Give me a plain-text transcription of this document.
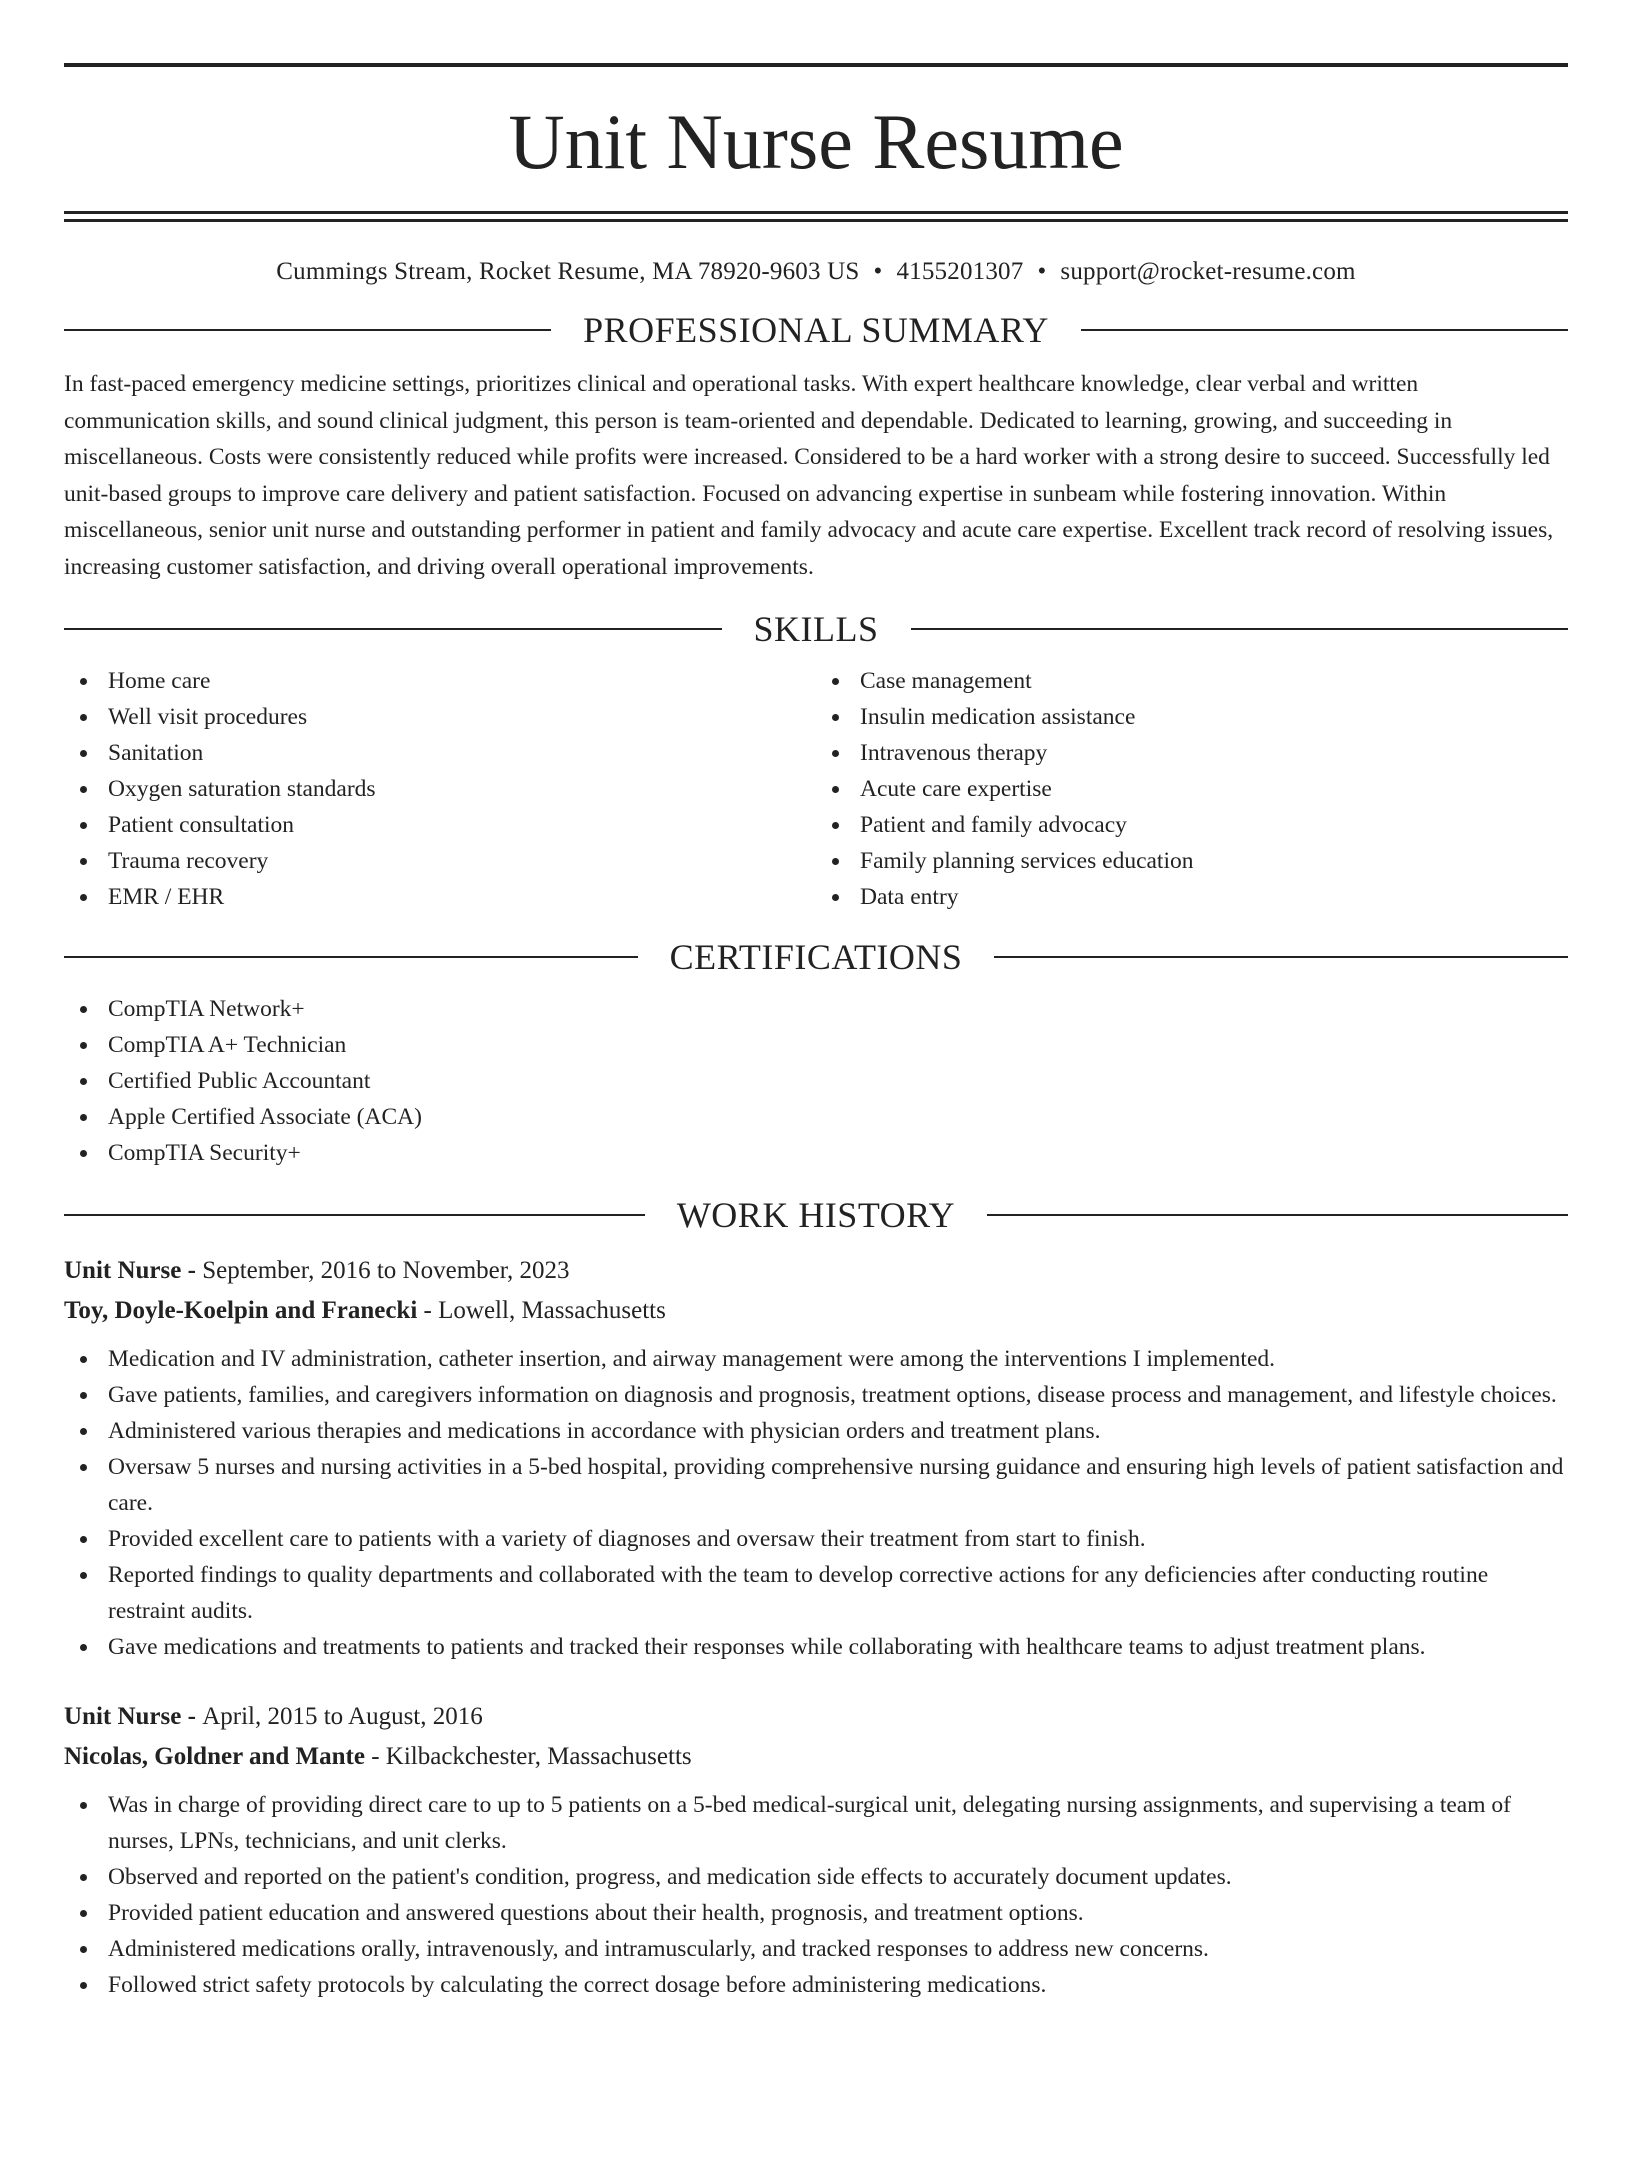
Unit Nurse Resume
Cummings Stream, Rocket Resume, MA 78920-9603 US • 4155201307 • support@rocket-resume.com
PROFESSIONAL SUMMARY

In fast-paced emergency medicine settings, prioritizes clinical and operational tasks. With expert healthcare knowledge, clear verbal and written communication skills, and sound clinical judgment, this person is team-oriented and dependable. Dedicated to learning, growing, and succeeding in miscellaneous. Costs were consistently reduced while profits were increased. Considered to be a hard worker with a strong desire to succeed. Successfully led unit-based groups to improve care delivery and patient satisfaction. Focused on advancing expertise in sunbeam while fostering innovation. Within miscellaneous, senior unit nurse and outstanding performer in patient and family advocacy and acute care expertise. Excellent track record of resolving issues, increasing customer satisfaction, and driving overall operational improvements.

SKILLS
Home care
Well visit procedures
Sanitation
Oxygen saturation standards
Patient consultation
Trauma recovery
EMR / EHR
Case management
Insulin medication assistance
Intravenous therapy
Acute care expertise
Patient and family advocacy
Family planning services education
Data entry
CERTIFICATIONS
CompTIA Network+
CompTIA A+ Technician
Certified Public Accountant
Apple Certified Associate (ACA)
CompTIA Security+
WORK HISTORY
Unit Nurse - September, 2016 to November, 2023
Toy, Doyle-Koelpin and Franecki - Lowell, Massachusetts
Medication and IV administration, catheter insertion, and airway management were among the interventions I implemented.
Gave patients, families, and caregivers information on diagnosis and prognosis, treatment options, disease process and management, and lifestyle choices.
Administered various therapies and medications in accordance with physician orders and treatment plans.
Oversaw 5 nurses and nursing activities in a 5-bed hospital, providing comprehensive nursing guidance and ensuring high levels of patient satisfaction and care.
Provided excellent care to patients with a variety of diagnoses and oversaw their treatment from start to finish.
Reported findings to quality departments and collaborated with the team to develop corrective actions for any deficiencies after conducting routine restraint audits.
Gave medications and treatments to patients and tracked their responses while collaborating with healthcare teams to adjust treatment plans.
Unit Nurse - April, 2015 to August, 2016
Nicolas, Goldner and Mante - Kilbackchester, Massachusetts
Was in charge of providing direct care to up to 5 patients on a 5-bed medical-surgical unit, delegating nursing assignments, and supervising a team of nurses, LPNs, technicians, and unit clerks.
Observed and reported on the patient's condition, progress, and medication side effects to accurately document updates.
Provided patient education and answered questions about their health, prognosis, and treatment options.
Administered medications orally, intravenously, and intramuscularly, and tracked responses to address new concerns.
Followed strict safety protocols by calculating the correct dosage before administering medications.
